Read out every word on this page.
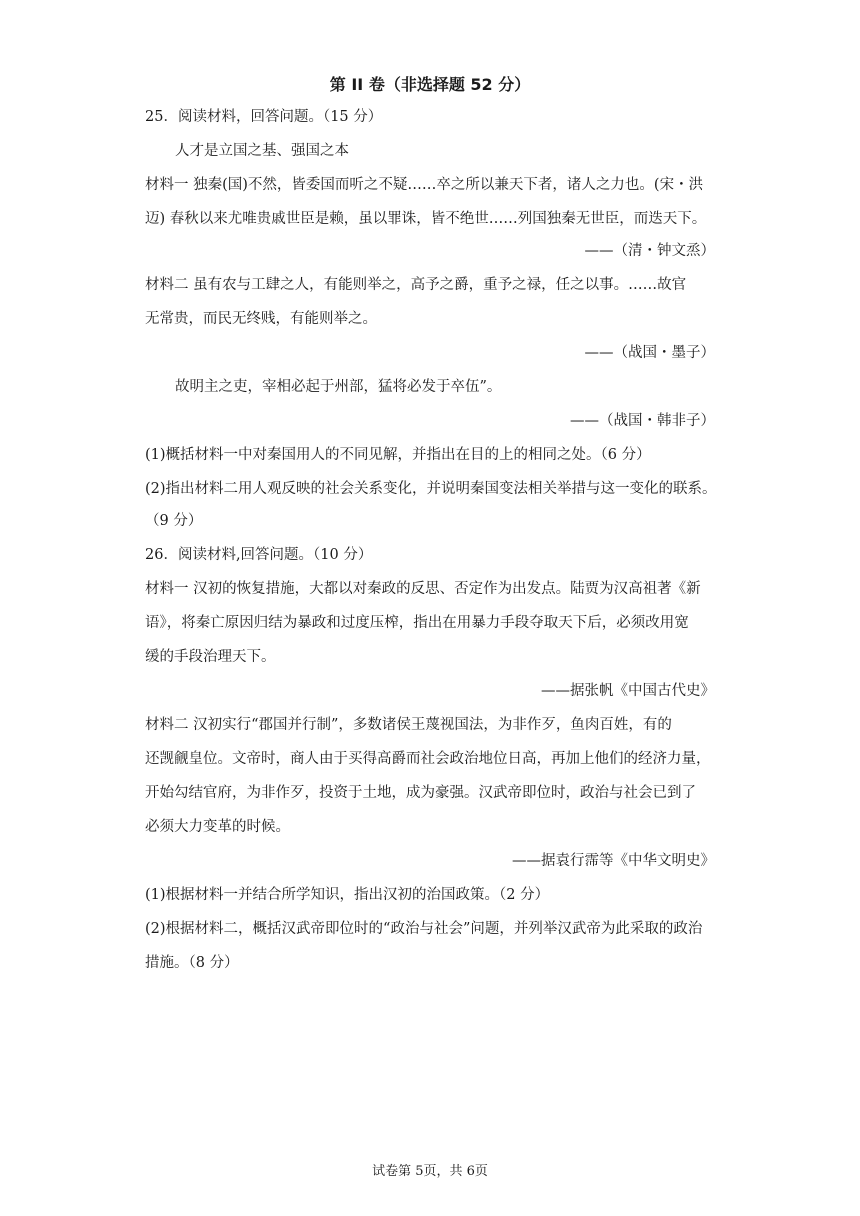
第 II 卷（非选择题 52 分）
25．阅读材料，回答问题。（15 分）
人才是立国之基、强国之本
材料一 独秦(国)不然，皆委国而听之不疑……卒之所以兼天下者，诸人之力也。(宋・洪
迈) 春秋以来尤唯贵戚世臣是赖，虽以罪诛，皆不绝世……列国独秦无世臣，而迭天下。
——（清・钟文烝）
材料二 虽有农与工肆之人，有能则举之，高予之爵，重予之禄，任之以事。……故官
无常贵，而民无终贱，有能则举之。
——（战国・墨子）
故明主之吏，宰相必起于州部，猛将必发于卒伍”。
——（战国・韩非子）
(1)概括材料一中对秦国用人的不同见解，并指出在目的上的相同之处。（6 分）
(2)指出材料二用人观反映的社会关系变化，并说明秦国变法相关举措与这一变化的联系。
（9 分）
26．阅读材料,回答问题。（10 分）
材料一 汉初的恢复措施，大都以对秦政的反思、否定作为出发点。陆贾为汉高祖著《新
语》，将秦亡原因归结为暴政和过度压榨，指出在用暴力手段夺取天下后，必须改用宽
缓的手段治理天下。
——据张帆《中国古代史》
材料二 汉初实行“郡国并行制”，多数诸侯王蔑视国法，为非作歹，鱼肉百姓，有的
还觊觎皇位。文帝时，商人由于买得高爵而社会政治地位日高，再加上他们的经济力量，
开始勾结官府，为非作歹，投资于土地，成为豪强。汉武帝即位时，政治与社会已到了
必须大力变革的时候。
——据袁行霈等《中华文明史》
(1)根据材料一并结合所学知识，指出汉初的治国政策。（2 分）
(2)根据材料二，概括汉武帝即位时的“政治与社会”问题，并列举汉武帝为此采取的政治
措施。（8 分）
试卷第 5页，共 6页
